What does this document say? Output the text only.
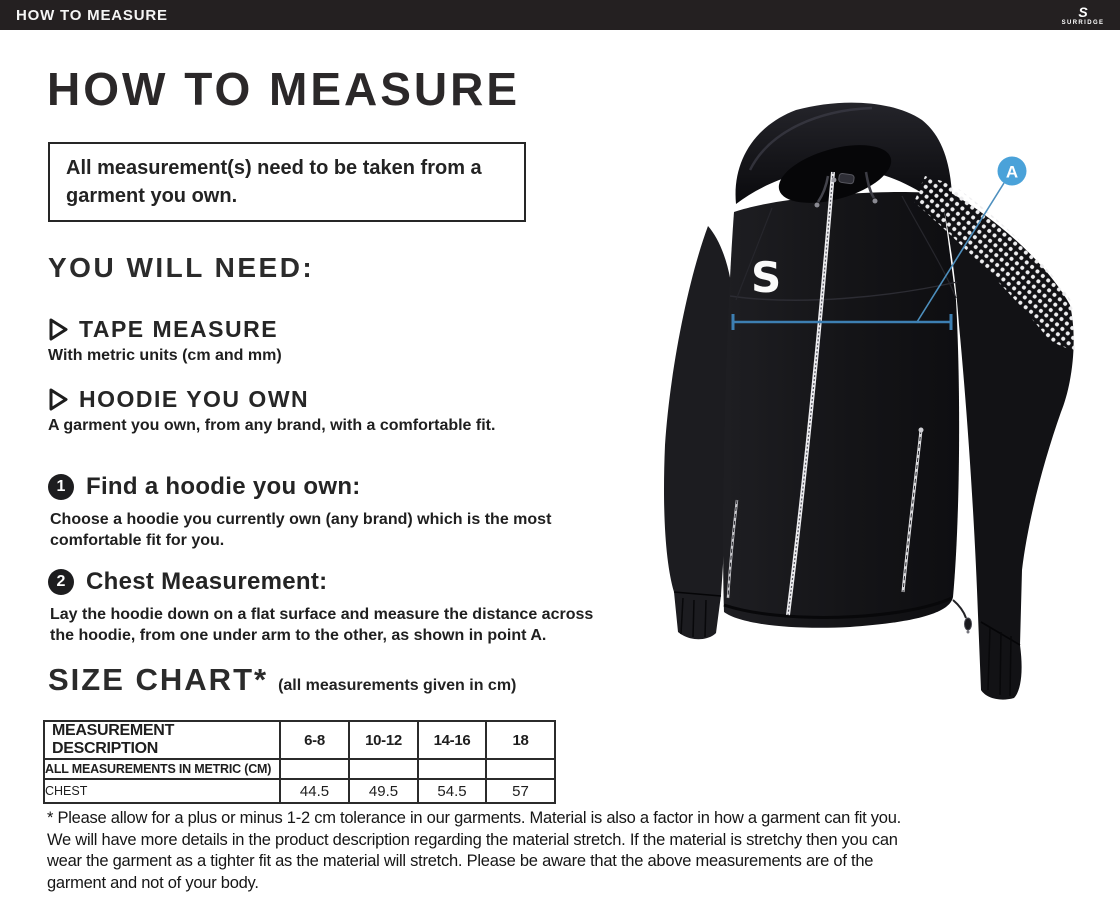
HOW TO MEASURE	S
SURRIDGE
HOW TO MEASURE

All measurement(s) need to be taken from a garment you own.

YOU WILL NEED:
TAPE MEASURE
With metric units (cm and mm)
HOODIE YOU OWN
A garment you own, from any brand, with a comfortable fit.
1 Find a hoodie you own:

Choose a hoodie you currently own (any brand) which is the most comfortable fit for you.

2 Chest Measurement:

Lay the hoodie down on a flat surface and measure the distance across the hoodie, from one under arm to the other, as shown in point A.

SIZE CHART* (all measurements given in cm)
MEASUREMENT DESCRIPTION	6-8	10-12	14-16	18
ALL MEASUREMENTS IN METRIC (CM)				
CHEST	44.5	49.5	54.5	57

* Please allow for a plus or minus 1-2 cm tolerance in our garments. Material is also a factor in how a garment can fit you. We will have more details in the product description regarding the material stretch. If the material is stretchy then you can wear the garment as a tighter fit as the material will stretch. Please be aware that the above measurements are of the garment and not of your body.

S
A
